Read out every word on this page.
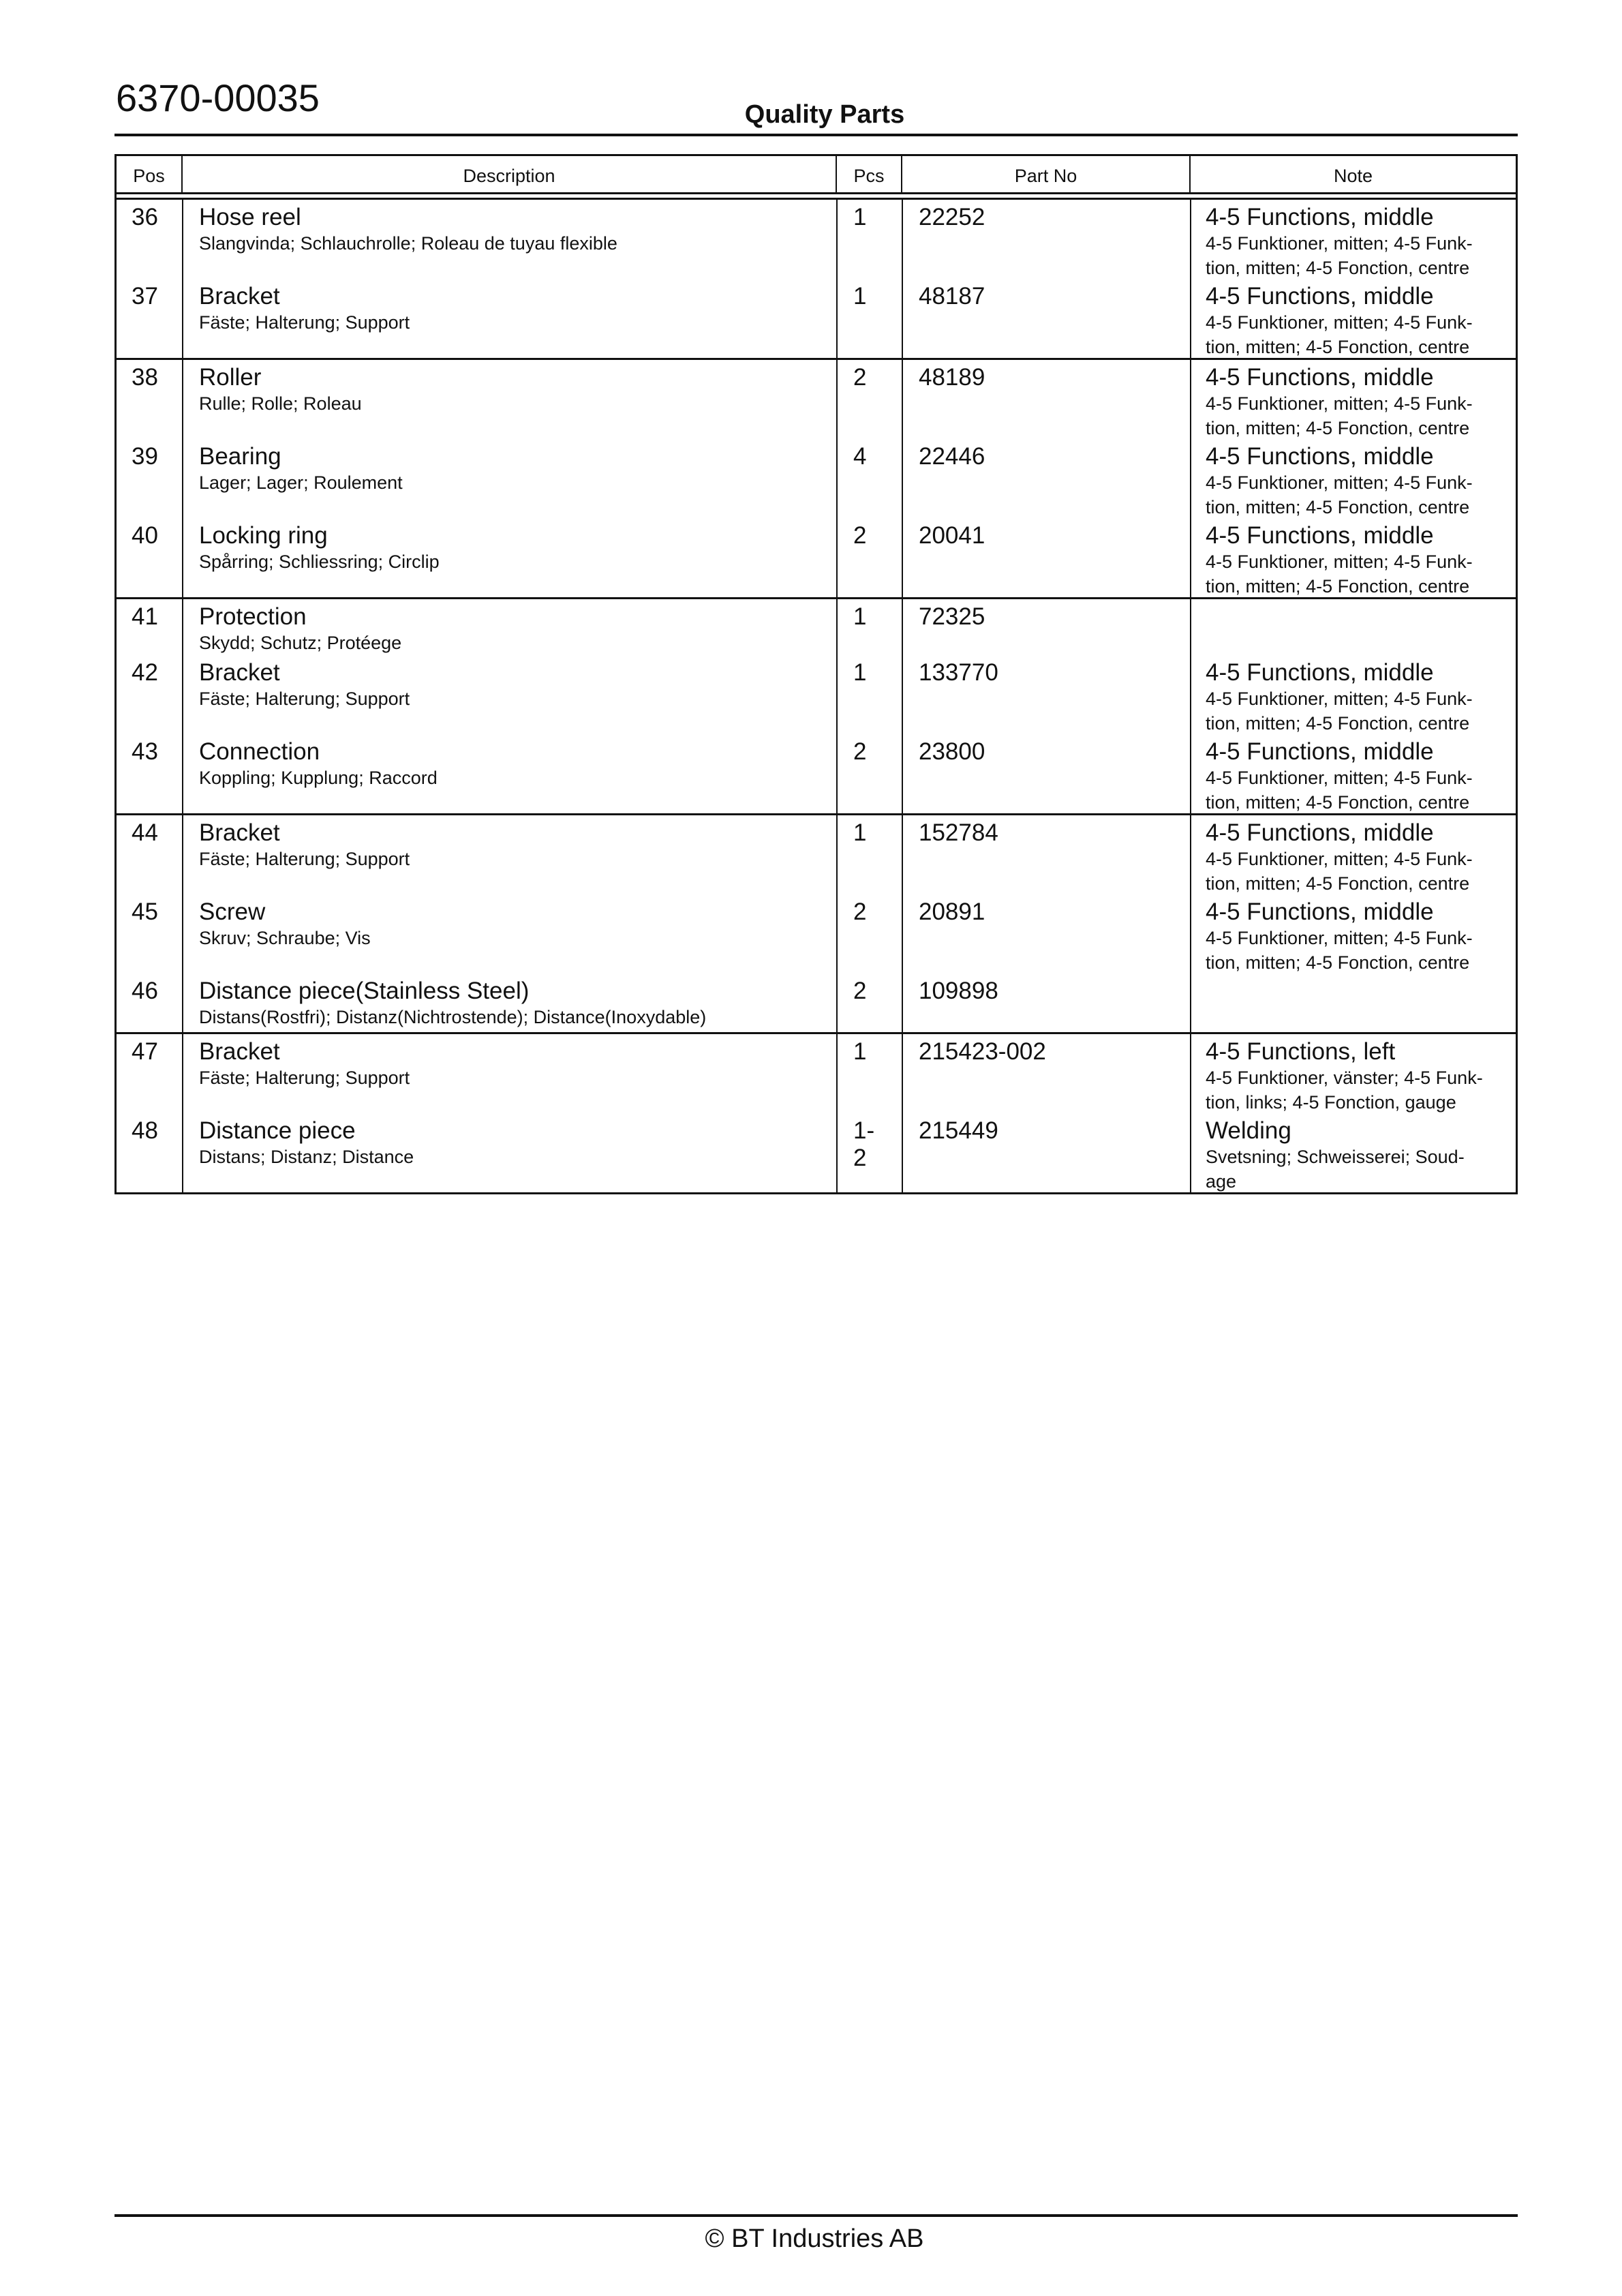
6370-00035	Quality Parts
Pos	Description	Pcs	Part No	Note
36	Hose reel
Slangvinda; Schlauchrolle; Roleau de tuyau flexible
1	22252	4-5 Functions, middle
4-5 Funktioner, mitten; 4-5 Funk-tion, mitten; 4-5 Fonction, centre
37	Bracket
Fäste; Halterung; Support
1	48187	4-5 Functions, middle
4-5 Funktioner, mitten; 4-5 Funk-tion, mitten; 4-5 Fonction, centre
38	Roller
Rulle; Rolle; Roleau
2	48189	4-5 Functions, middle
4-5 Funktioner, mitten; 4-5 Funk-tion, mitten; 4-5 Fonction, centre
39	Bearing
Lager; Lager; Roulement
4	22446	4-5 Functions, middle
4-5 Funktioner, mitten; 4-5 Funk-tion, mitten; 4-5 Fonction, centre
40	Locking ring
Spårring; Schliessring; Circlip
2	20041	4-5 Functions, middle
4-5 Funktioner, mitten; 4-5 Funk-tion, mitten; 4-5 Fonction, centre
41	Protection
Skydd; Schutz; Protéege
1	72325
42	Bracket
Fäste; Halterung; Support
1	133770	4-5 Functions, middle
4-5 Funktioner, mitten; 4-5 Funk-tion, mitten; 4-5 Fonction, centre
43	Connection
Koppling; Kupplung; Raccord
2	23800	4-5 Functions, middle
4-5 Funktioner, mitten; 4-5 Funk-tion, mitten; 4-5 Fonction, centre
44	Bracket
Fäste; Halterung; Support
1	152784	4-5 Functions, middle
4-5 Funktioner, mitten; 4-5 Funk-tion, mitten; 4-5 Fonction, centre
45	Screw
Skruv; Schraube; Vis
2	20891	4-5 Functions, middle
4-5 Funktioner, mitten; 4-5 Funk-tion, mitten; 4-5 Fonction, centre
46	Distance piece(Stainless Steel)
Distans(Rostfri); Distanz(Nichtrostende); Distance(Inoxydable)
2	109898
47	Bracket
Fäste; Halterung; Support
1	215423-002	4-5 Functions, left
4-5 Funktioner, vänster; 4-5 Funk-tion, links; 4-5 Fonction, gauge
48	Distance piece
Distans; Distanz; Distance
1-2
215449	Welding
Svetsning; Schweisserei; Soud-age
© BT Industries AB
